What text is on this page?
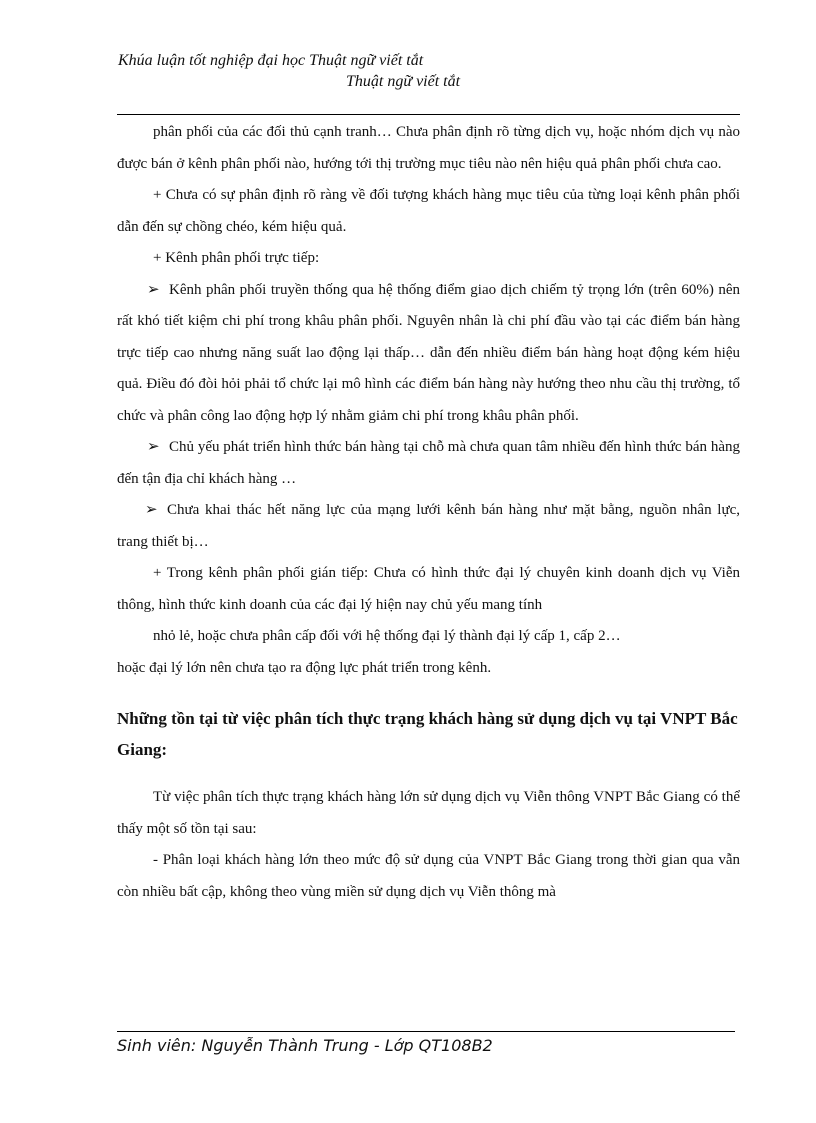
Khúa luận tốt nghiệp đại học Thuật ngữ viết tắt
Thuật ngữ viết tắt

phân phối của các đối thủ cạnh tranh… Chưa phân định rõ từng dịch vụ, hoặc nhóm dịch vụ nào được bán ở kênh phân phối nào, hướng tới thị trường mục tiêu nào nên hiệu quả phân phối chưa cao.

+ Chưa có sự phân định rõ ràng về đối tượng khách hàng mục tiêu của từng loại kênh phân phối dẫn đến sự chồng chéo, kém hiệu quả.

+ Kênh phân phối trực tiếp:

➢ Kênh phân phối truyền thống qua hệ thống điểm giao dịch chiếm tỷ trọng lớn (trên 60%) nên rất khó tiết kiệm chi phí trong khâu phân phối. Nguyên nhân là chi phí đầu vào tại các điểm bán hàng trực tiếp cao nhưng năng suất lao động lại thấp… dẫn đến nhiều điểm bán hàng hoạt động kém hiệu quả. Điều đó đòi hỏi phải tổ chức lại mô hình các điểm bán hàng này hướng theo nhu cầu thị trường, tổ chức và phân công lao động hợp lý nhằm giảm chi phí trong khâu phân phối.

➢ Chủ yếu phát triển hình thức bán hàng tại chỗ mà chưa quan tâm nhiều đến hình thức bán hàng đến tận địa chỉ khách hàng …

➢ Chưa khai thác hết năng lực của mạng lưới kênh bán hàng như mặt bằng, nguồn nhân lực, trang thiết bị…

+ Trong kênh phân phối gián tiếp: Chưa có hình thức đại lý chuyên kinh doanh dịch vụ Viễn thông, hình thức kinh doanh của các đại lý hiện nay chủ yếu mang tính

nhỏ lẻ, hoặc chưa phân cấp đối với hệ thống đại lý thành đại lý cấp 1, cấp 2…

hoặc đại lý lớn nên chưa tạo ra động lực phát triển trong kênh.

Những tồn tại từ việc phân tích thực trạng khách hàng sử dụng dịch vụ tại VNPT Bắc Giang:

Từ việc phân tích thực trạng khách hàng lớn sử dụng dịch vụ Viễn thông VNPT Bắc Giang có thể thấy một số tồn tại sau:

- Phân loại khách hàng lớn theo mức độ sử dụng của VNPT Bắc Giang trong thời gian qua vẫn còn nhiều bất cập, không theo vùng miền sử dụng dịch vụ Viễn thông mà

Sinh viên: Nguyễn Thành Trung - Lớp QT108B2
